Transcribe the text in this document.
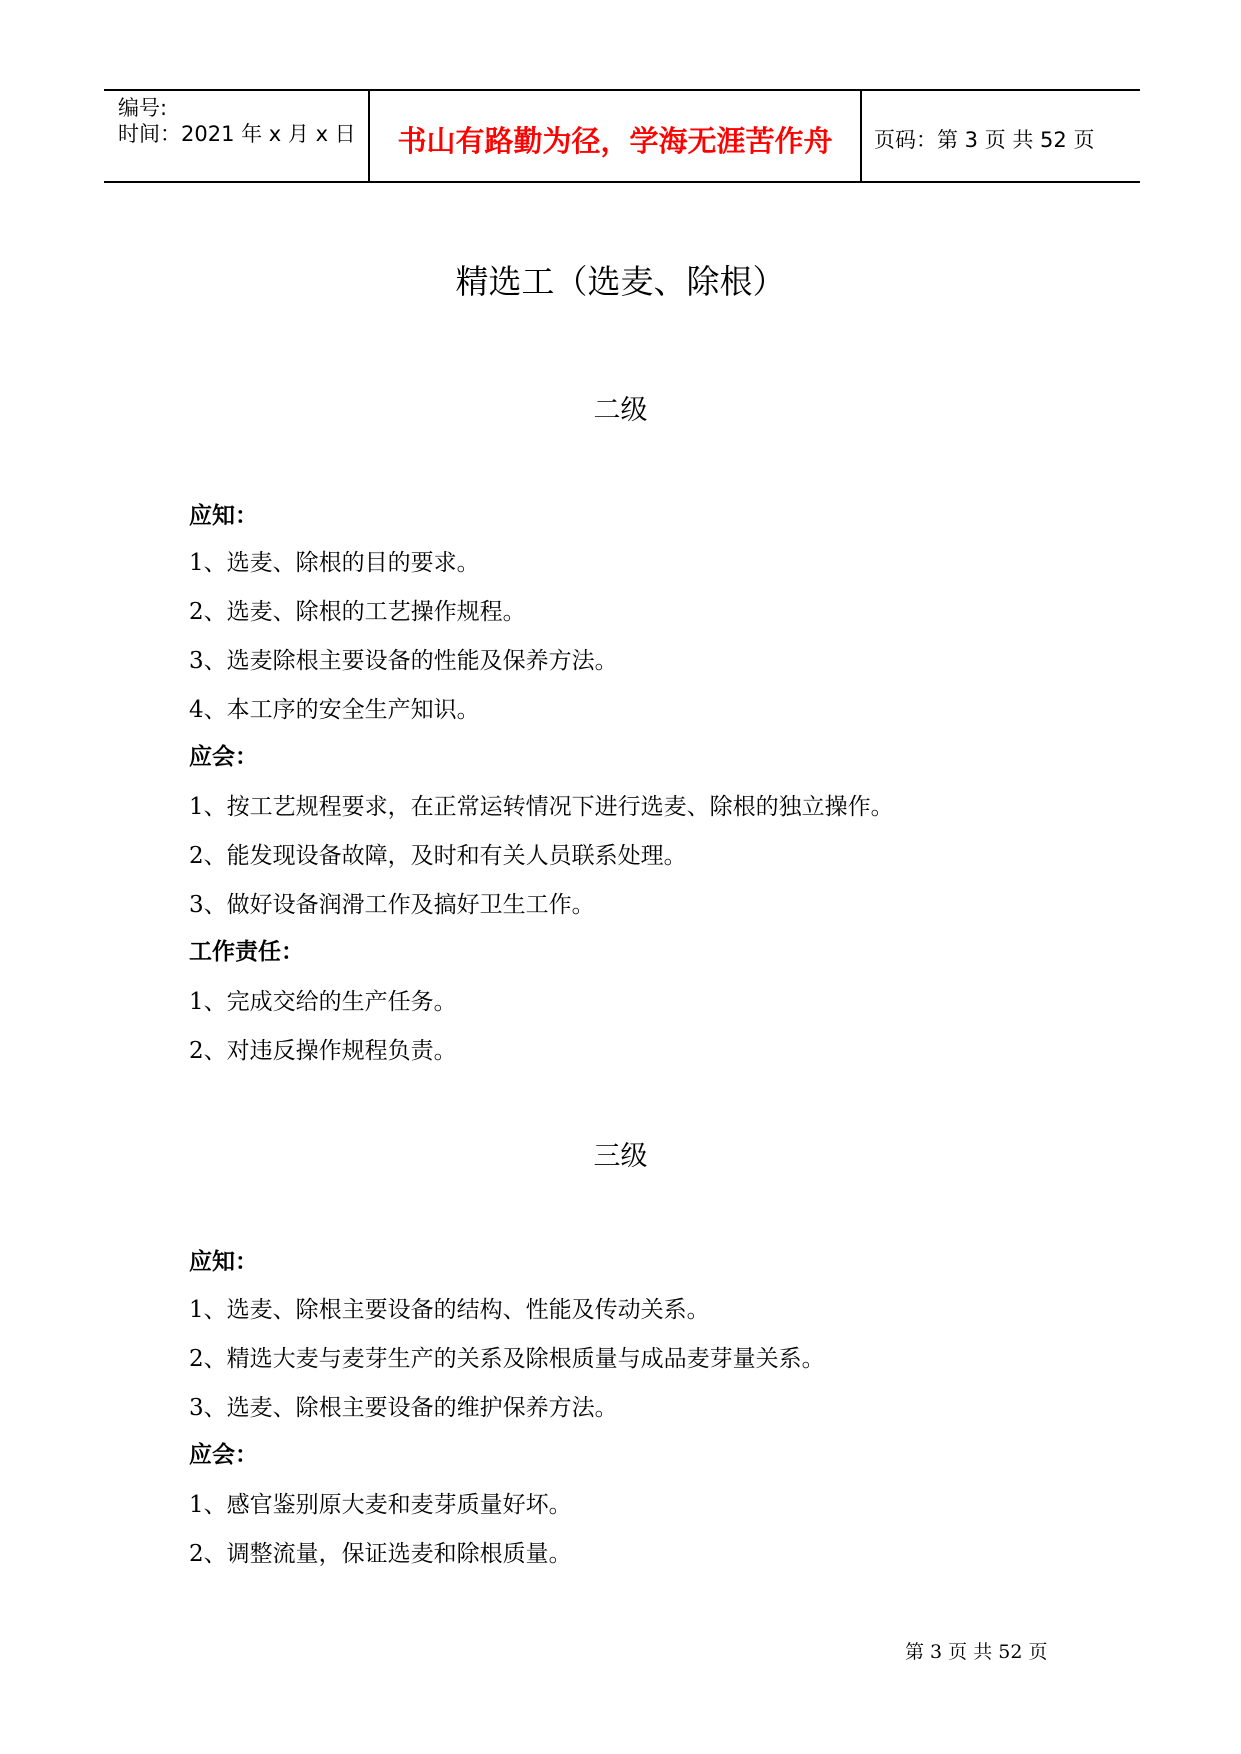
编号:
时间：2021 年 x 月 x 日	书山有路勤为径，学海无涯苦作舟	页码：第 3 页 共 52 页
精选工（选麦、除根）
二级
应知：
1、选麦、除根的目的要求。
2、选麦、除根的工艺操作规程。
3、选麦除根主要设备的性能及保养方法。
4、本工序的安全生产知识。
应会：
1、按工艺规程要求，在正常运转情况下进行选麦、除根的独立操作。
2、能发现设备故障，及时和有关人员联系处理。
3、做好设备润滑工作及搞好卫生工作。
工作责任：
1、完成交给的生产任务。
2、对违反操作规程负责。
三级
应知：
1、选麦、除根主要设备的结构、性能及传动关系。
2、精选大麦与麦芽生产的关系及除根质量与成品麦芽量关系。
3、选麦、除根主要设备的维护保养方法。
应会：
1、感官鉴别原大麦和麦芽质量好坏。
2、调整流量，保证选麦和除根质量。
第 3 页 共 52 页
